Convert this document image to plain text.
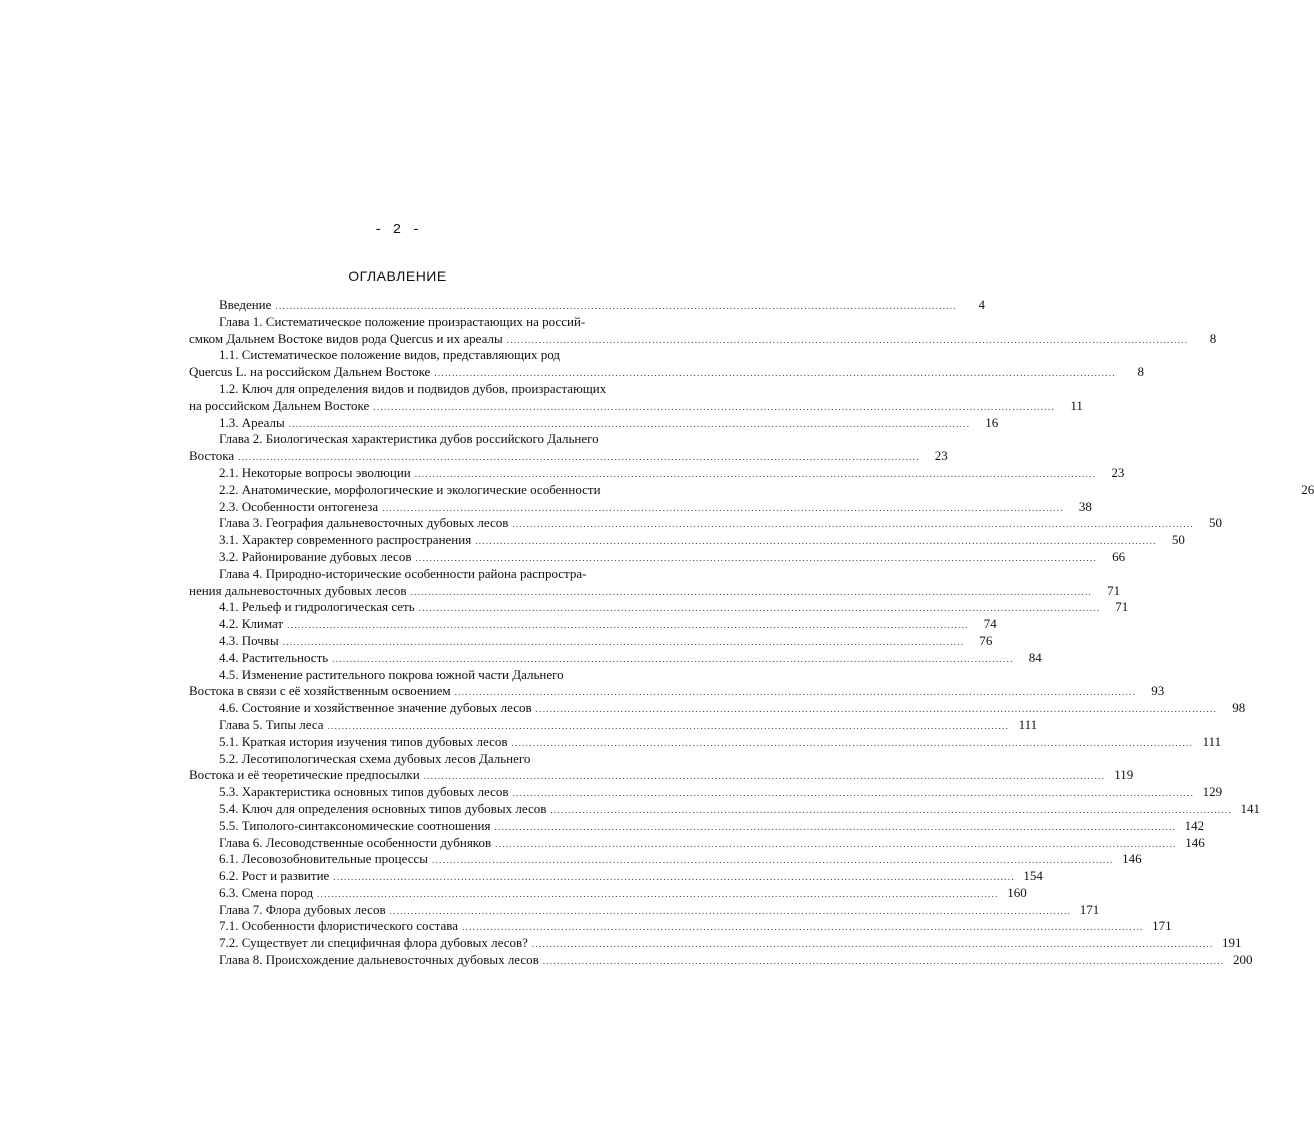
- 2 -
ОГЛАВЛЕНИЕ
Введение .....	4
Глава 1. Систематическое положение произрастающих на россий-
смком Дальнем Востоке видов рода Quercus и их ареалы .....	8
1.1. Систематическое положение видов, представляющих род
Quercus L. на российском Дальнем Востоке .....	8
1.2. Ключ для определения видов и подвидов дубов, произрастающих
на российском Дальнем Востоке .....	11
1.3. Ареалы .....	16
Глава 2. Биологическая характеристика дубов российского Дальнего
Востока .....	23
2.1. Некоторые вопросы эволюции .....	23
2.2. Анатомические, морфологические и экологические особенности	26
2.3. Особенности онтогенеза .....	38
Глава 3. География дальневосточных дубовых лесов .....	50
3.1. Характер современного распространения .....	50
3.2. Районирование дубовых лесов .....	66
Глава 4. Природно-исторические особенности района распростра-
нения дальневосточных дубовых лесов .....	71
4.1. Рельеф и гидрологическая сеть .....	71
4.2. Климат .....	74
4.3. Почвы .....	76
4.4. Растительность .....	84
4.5. Изменение растительного покрова южной части Дальнего
Востока в связи с её хозяйственным освоением .....	93
4.6. Состояние и хозяйственное значение дубовых лесов .....	98
Глава 5. Типы леса .....	111
5.1. Краткая история изучения типов дубовых лесов .....	111
5.2. Лесотипологическая схема дубовых лесов Дальнего
Востока и её теоретические предпосылки .....	119
5.3. Характеристика основных типов дубовых лесов .....	129
5.4. Ключ для определения основных типов дубовых лесов .....	141
5.5. Типолого-синтаксономические соотношения .....	142
Глава 6. Лесоводственные особенности дубняков .....	146
6.1. Лесовозобновительные процессы .....	146
6.2. Рост и развитие .....	154
6.3. Смена пород .....	160
Глава 7. Флора дубовых лесов .....	171
7.1. Особенности флористического состава .....	171
7.2. Существует ли специфичная флора дубовых лесов? .....	191
Глава 8. Происхождение дальневосточных дубовых лесов .....	200
